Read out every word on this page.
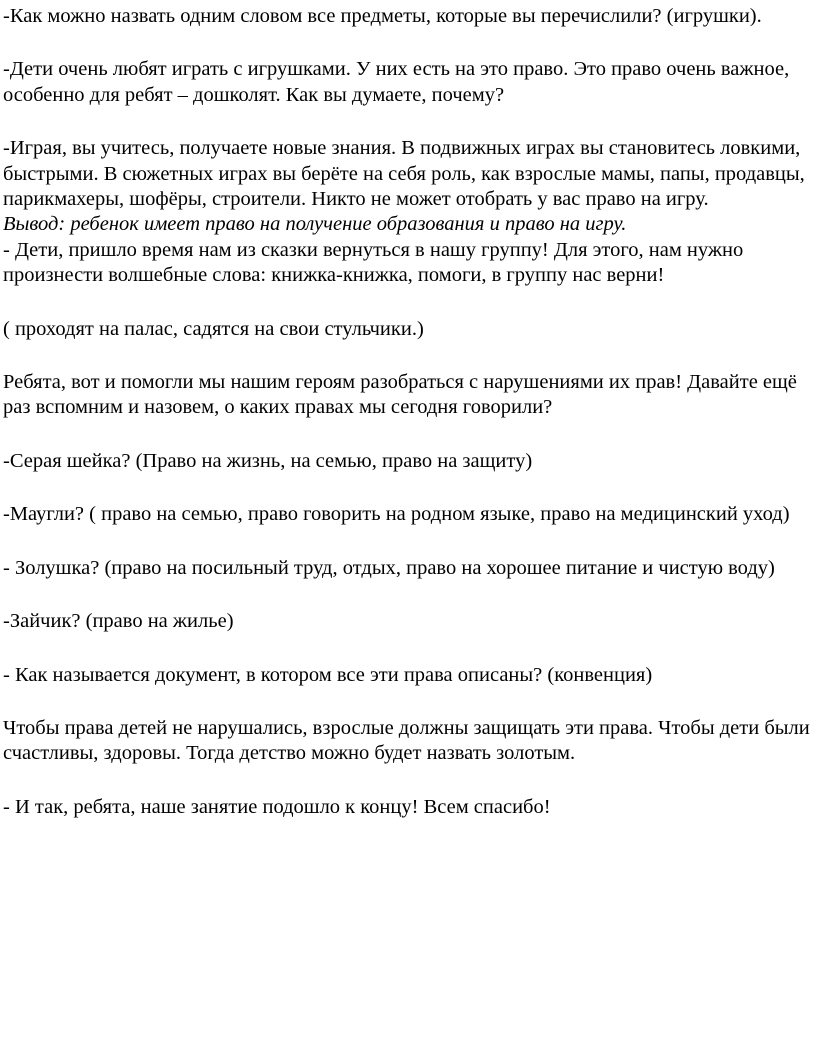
-Как можно назвать одним словом все предметы, которые вы перечислили? (игрушки).

-Дети очень любят играть с игрушками. У них есть на это право. Это право очень важное, особенно для ребят – дошколят. Как вы думаете, почему?

-Играя, вы учитесь, получаете новые знания. В подвижных играх вы становитесь ловкими, быстрыми. В сюжетных играх вы берёте на себя роль, как взрослые мамы, папы, продавцы, парикмахеры, шофёры, строители. Никто не может отобрать у вас право на игру.

Вывод: ребенок имеет право на получение образования и право на игру.

- Дети, пришло время нам из сказки вернуться в нашу группу! Для этого, нам нужно произнести волшебные слова: книжка-книжка, помоги, в группу нас верни!

( проходят на палас, садятся на свои стульчики.)

Ребята, вот и помогли мы нашим героям разобраться с нарушениями их прав! Давайте ещё раз вспомним и назовем, о каких правах мы сегодня говорили?

-Серая шейка? (Право на жизнь, на семью, право на защиту)

-Маугли? ( право на семью, право говорить на родном языке, право на медицинский уход)

- Золушка? (право на посильный труд, отдых, право на хорошее питание и чистую воду)

-Зайчик? (право на жилье)

- Как называется документ, в котором все эти права описаны? (конвенция)

Чтобы права детей не нарушались, взрослые должны защищать эти права. Чтобы дети были счастливы, здоровы. Тогда детство можно будет назвать золотым.

- И так, ребята, наше занятие подошло к концу! Всем спасибо!
